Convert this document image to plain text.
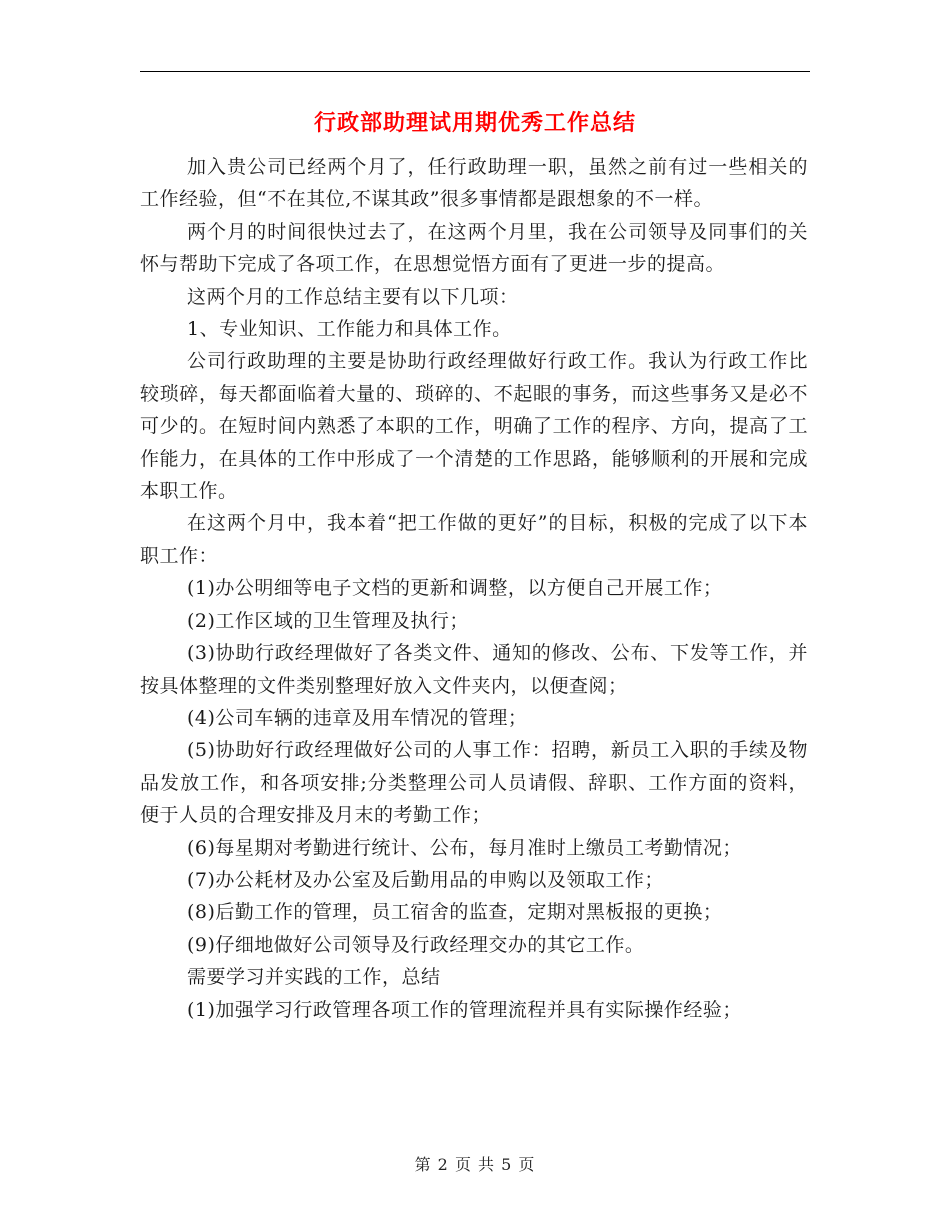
行政部助理试用期优秀工作总结

加入贵公司已经两个月了，任行政助理一职，虽然之前有过一些相关的工作经验，但“不在其位,不谋其政”很多事情都是跟想象的不一样。

两个月的时间很快过去了，在这两个月里，我在公司领导及同事们的关怀与帮助下完成了各项工作，在思想觉悟方面有了更进一步的提高。

这两个月的工作总结主要有以下几项：

1、专业知识、工作能力和具体工作。

公司行政助理的主要是协助行政经理做好行政工作。我认为行政工作比较琐碎，每天都面临着大量的、琐碎的、不起眼的事务，而这些事务又是必不可少的。在短时间内熟悉了本职的工作，明确了工作的程序、方向，提高了工作能力，在具体的工作中形成了一个清楚的工作思路，能够顺利的开展和完成本职工作。

在这两个月中，我本着“把工作做的更好”的目标，积极的完成了以下本职工作：

(1)办公明细等电子文档的更新和调整，以方便自己开展工作；

(2)工作区域的卫生管理及执行；

(3)协助行政经理做好了各类文件、通知的修改、公布、下发等工作，并按具体整理的文件类别整理好放入文件夹内，以便查阅；

(4)公司车辆的违章及用车情况的管理；

(5)协助好行政经理做好公司的人事工作：招聘，新员工入职的手续及物品发放工作，和各项安排;分类整理公司人员请假、辞职、工作方面的资料，便于人员的合理安排及月末的考勤工作；

(6)每星期对考勤进行统计、公布，每月准时上缴员工考勤情况；

(7)办公耗材及办公室及后勤用品的申购以及领取工作；

(8)后勤工作的管理，员工宿舍的监查，定期对黑板报的更换；

(9)仔细地做好公司领导及行政经理交办的其它工作。

需要学习并实践的工作，总结

(1)加强学习行政管理各项工作的管理流程并具有实际操作经验；

第 2 页 共 5 页
